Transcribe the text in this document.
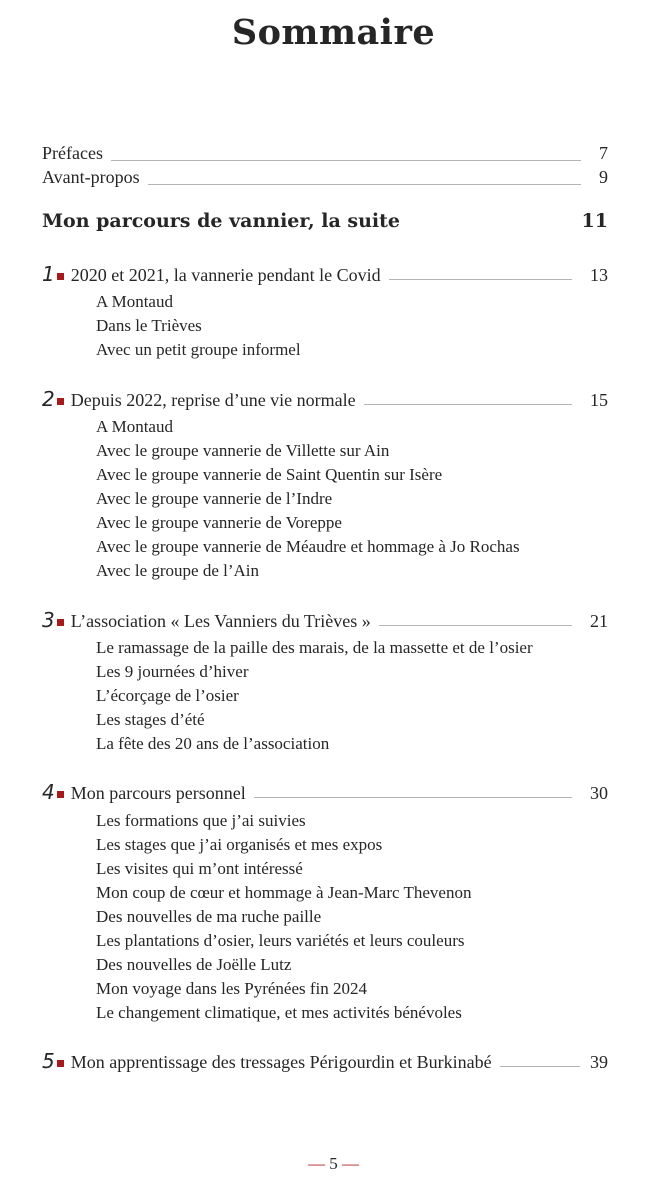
Sommaire
Préfaces	7
Avant-propos	9
Mon parcours de vannier, la suite	11
1 2020 et 2021, la vannerie pendant le Covid	13
A Montaud
Dans le Trièves
Avec un petit groupe informel
2 Depuis 2022, reprise d’une vie normale	15
A Montaud
Avec le groupe vannerie de Villette sur Ain
Avec le groupe vannerie de Saint Quentin sur Isère
Avec le groupe vannerie de l’Indre
Avec le groupe vannerie de Voreppe
Avec le groupe vannerie de Méaudre et hommage à Jo Rochas
Avec le groupe de l’Ain
3 L’association « Les Vanniers du Trièves »	21
Le ramassage de la paille des marais, de la massette et de l’osier
Les 9 journées d’hiver
L’écorçage de l’osier
Les stages d’été
La fête des 20 ans de l’association
4 Mon parcours personnel	30
Les formations que j’ai suivies
Les stages que j’ai organisés et mes expos
Les visites qui m’ont intéressé
Mon coup de cœur et hommage à Jean-Marc Thevenon
Des nouvelles de ma ruche paille
Les plantations d’osier, leurs variétés et leurs couleurs
Des nouvelles de Joëlle Lutz
Mon voyage dans les Pyrénées fin 2024
Le changement climatique, et mes activités bénévoles
5 Mon apprentissage des tressages Périgourdin et Burkinabé	39
— 5 —
